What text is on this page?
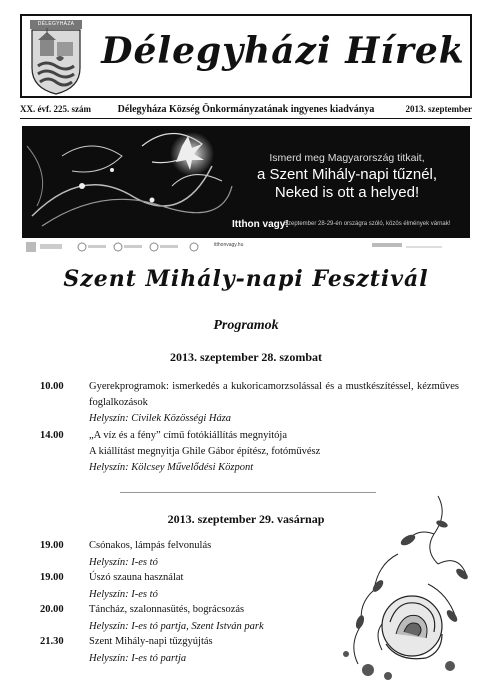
DÉLEGYHÁZA
Délegyházi Hírek
XX. évf. 225. szám	Délegyháza Község Önkormányzatának ingyenes kiadványa	2013. szeptember
Ismerd meg Magyarország titkait,
a Szent Mihály-napi tűznél,
Neked is ott a helyed!
Itthon vagy!
Szeptember 28-29-én országra szóló, közös élmények várnak!
itthonvagy.hu
Szent Mihály-napi Fesztivál
Programok
2013. szeptember 28. szombat
10.00 Gyerekprogramok: ismerkedés a kukoricamorzsolással és a mustkészítéssel, kézműves
foglalkozások
Helyszín: Civilek Közösségi Háza
14.00 „A víz és a fény” című fotókiállítás megnyitója
A kiállítást megnyitja Ghile Gábor építész, fotóművész
Helyszín: Kölcsey Művelődési Központ
2013. szeptember 29. vasárnap
19.00 Csónakos, lámpás felvonulás
Helyszín: I-es tó
19.00 Úszó szauna használat
Helyszín: I-es tó
20.00 Táncház, szalonnasütés, bográcsozás
Helyszín: I-es tó partja, Szent István park
21.30 Szent Mihály-napi tűzgyújtás
Helyszín: I-es tó partja
